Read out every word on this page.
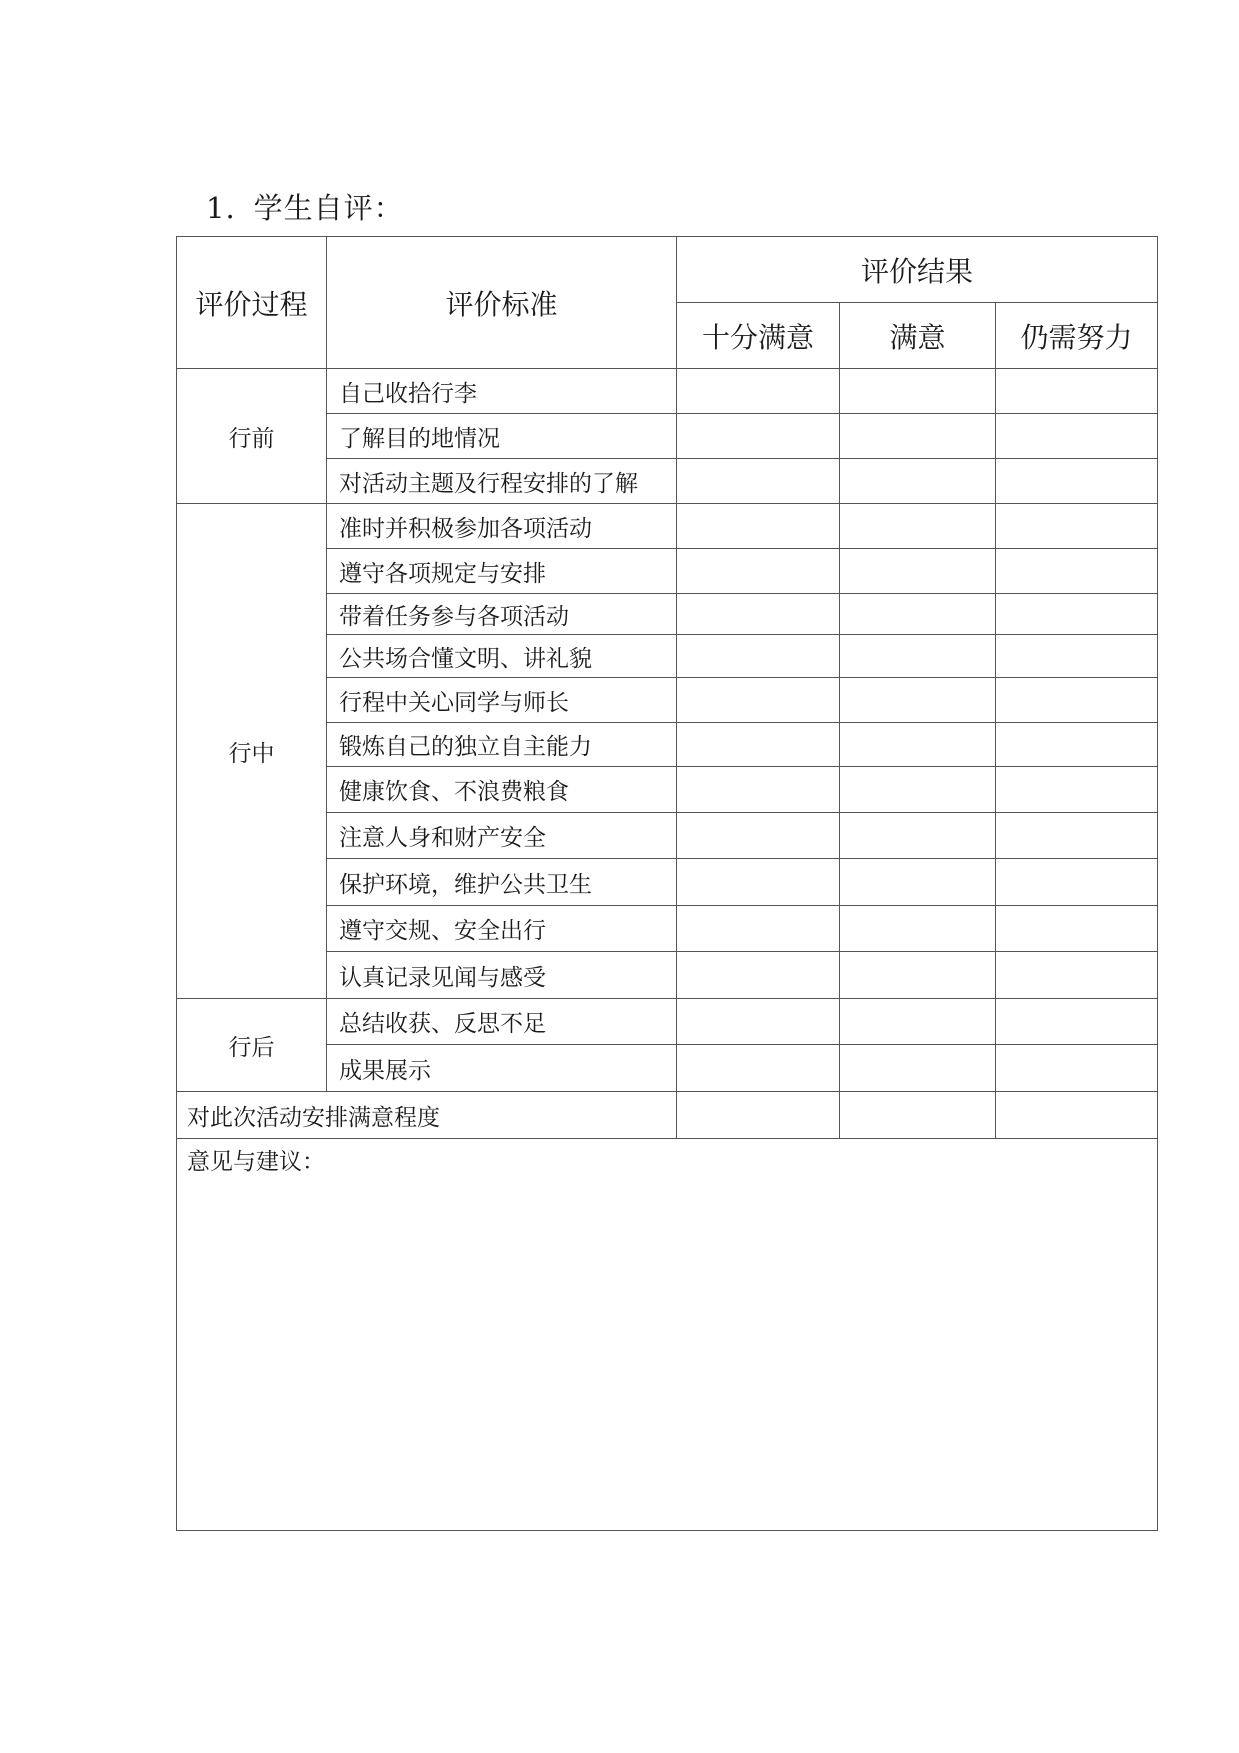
1. 学生自评：
评价过程	评价标准	评价结果		
		十分满意	满意	仍需努力
行前	自己收拾行李			
	了解目的地情况			
	对活动主题及行程安排的了解			
行中	准时并积极参加各项活动			
	遵守各项规定与安排			
	带着任务参与各项活动			
	公共场合懂文明、讲礼貌			
	行程中关心同学与师长			
	锻炼自己的独立自主能力			
	健康饮食、不浪费粮食			
	注意人身和财产安全			
	保护环境，维护公共卫生			
	遵守交规、安全出行			
	认真记录见闻与感受			
行后	总结收获、反思不足			
	成果展示			
对此次活动安排满意程度				
意见与建议：				
